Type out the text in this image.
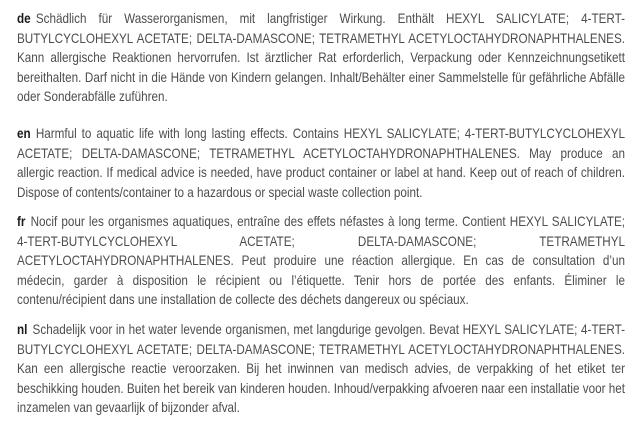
de Schädlich für Wasserorganismen, mit langfristiger Wirkung. Enthält HEXYL SALICYLATE; 4-TERT-BUTYLCYCLOHEXYL ACETATE; DELTA-DAMASCONE; TETRAMETHYL ACETYLOCTAHYDRONAPHTHALENES. Kann allergische Reaktionen hervorrufen. Ist ärztlicher Rat erforderlich, Verpackung oder Kennzeichnungsetikett bereithalten. Darf nicht in die Hände von Kindern gelangen. Inhalt/Behälter einer Sammelstelle für gefährliche Abfälle oder Sonderabfälle zuführen.

en Harmful to aquatic life with long lasting effects. Contains HEXYL SALICYLATE; 4-TERT-BUTYLCYCLOHEXYL ACETATE; DELTA-DAMASCONE; TETRAMETHYL ACETYLOCTAHYDRONAPHTHALENES. May produce an allergic reaction. If medical advice is needed, have product container or label at hand. Keep out of reach of children. Dispose of contents/container to a hazardous or special waste collection point.

fr Nocif pour les organismes aquatiques, entraîne des effets néfastes à long terme. Contient HEXYL SALICYLATE; 4-TERT-BUTYLCYCLOHEXYL ACETATE; DELTA-DAMASCONE; TETRAMETHYL ACETYLOCTAHYDRONAPHTHALENES. Peut produire une réaction allergique. En cas de consultation d’un médecin, garder à disposition le récipient ou l’étiquette. Tenir hors de portée des enfants. Éliminer le contenu/récipient dans une installation de collecte des déchets dangereux ou spéciaux.

nl Schadelijk voor in het water levende organismen, met langdurige gevolgen. Bevat HEXYL SALICYLATE; 4-TERT-BUTYLCYCLOHEXYL ACETATE; DELTA-DAMASCONE; TETRAMETHYL ACETYLOCTAHYDRONAPHTHALENES. Kan een allergische reactie veroorzaken. Bij het inwinnen van medisch advies, de verpakking of het etiket ter beschikking houden. Buiten het bereik van kinderen houden. Inhoud/verpakking afvoeren naar een installatie voor het inzamelen van gevaarlijk of bijzonder afval.
